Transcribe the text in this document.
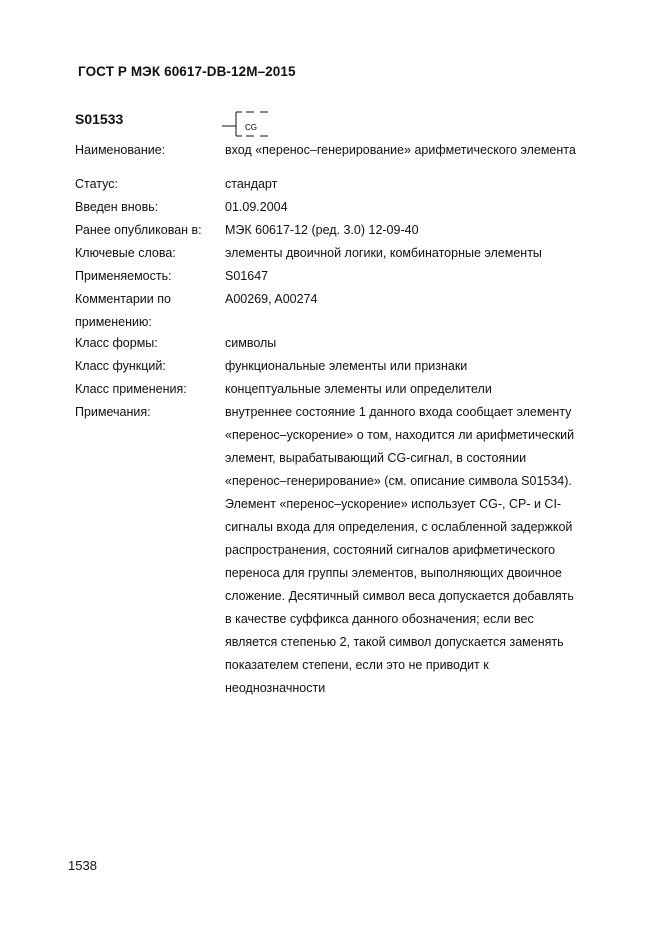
ГОСТ Р МЭК 60617-DB-12M–2015
S01533
CG
Наименование:	вход «перенос–генерирование» арифметического элемента
Статус:	стандарт
Введен вновь:	01.09.2004
Ранее опубликован в:	МЭК 60617-12 (ред. 3.0) 12-09-40
Ключевые слова:	элементы двоичной логики, комбинаторные элементы
Применяемость:	S01647
Комментарии по
применению:
A00269, A00274
Класс формы:	символы
Класс функций:	функциональные элементы или признаки
Класс применения:	концептуальные элементы или определители
Примечания:	внутреннее состояние 1 данного входа сообщает элементу
«перенос–ускорение» о том, находится ли арифметический
элемент, вырабатывающий CG-сигнал, в состоянии
«перенос–генерирование» (см. описание символа S01534).
Элемент «перенос–ускорение» использует CG-, CP- и CI-
сигналы входа для определения, с ослабленной задержкой
распространения, состояний сигналов арифметического
переноса для группы элементов, выполняющих двоичное
сложение. Десятичный символ веса допускается добавлять
в качестве суффикса данного обозначения; если вес
является степенью 2, такой символ допускается заменять
показателем степени, если это не приводит к
неоднозначности
1538
